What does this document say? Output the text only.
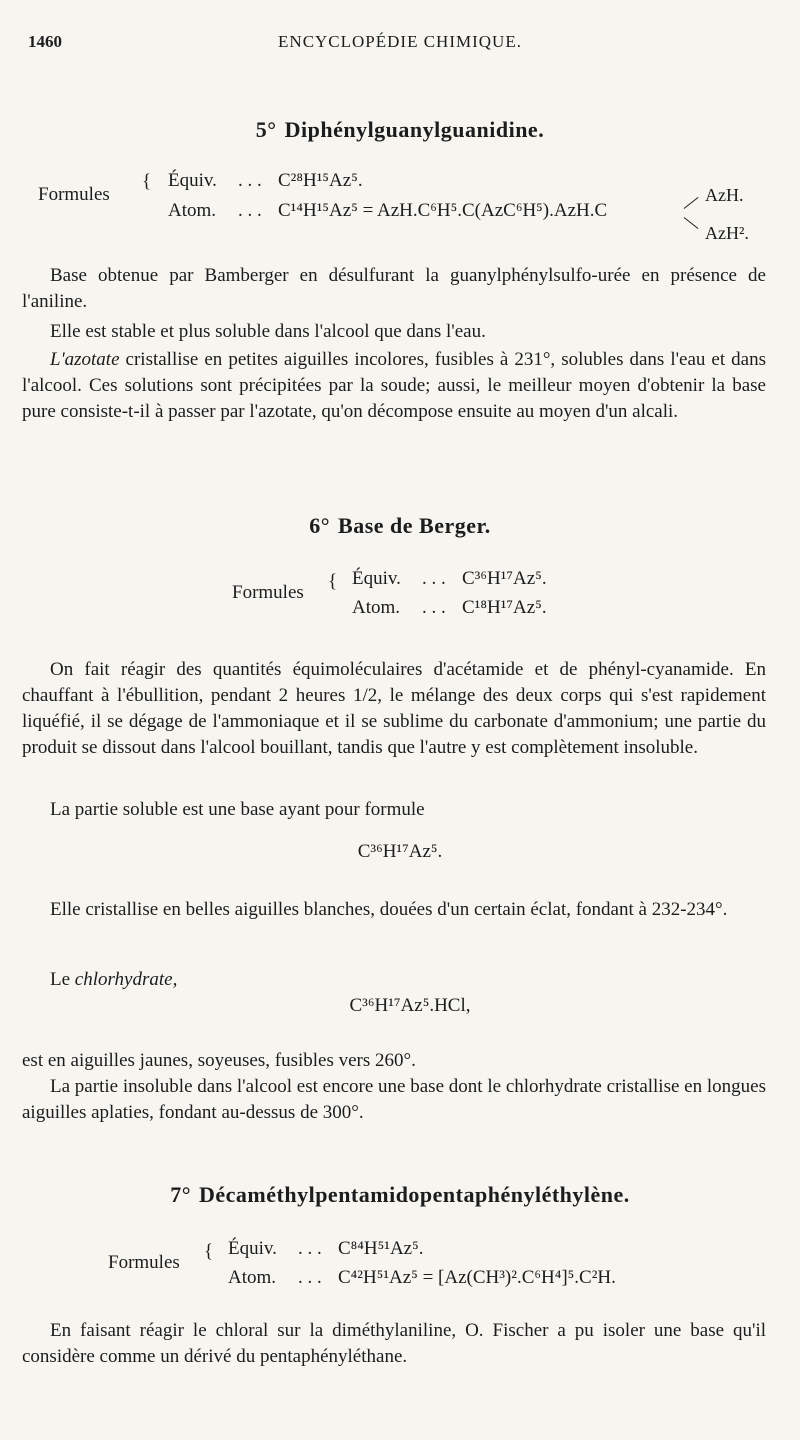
1460	ENCYCLOPÉDIE CHIMIQUE.
5° Diphénylguanylguanidine.
Formules
{ Équiv. . . . C²⁸H¹⁵Az⁵.
Atom. . . . C¹⁴H¹⁵Az⁵ = AzH.C⁶H⁵.C(AzC⁶H⁵).AzH.C
AzH.
AzH².

Base obtenue par Bamberger en désulfurant la guanylphénylsulfo-urée en présence de l'aniline.

Elle est stable et plus soluble dans l'alcool que dans l'eau.

L'azotate cristallise en petites aiguilles incolores, fusibles à 231°, solubles dans l'eau et dans l'alcool. Ces solutions sont précipitées par la soude; aussi, le meilleur moyen d'obtenir la base pure consiste-t-il à passer par l'azotate, qu'on décompose ensuite au moyen d'un alcali.

6° Base de Berger.
Formules
{ Équiv. . . . C³⁶H¹⁷Az⁵.
Atom. . . . C¹⁸H¹⁷Az⁵.

On fait réagir des quantités équimoléculaires d'acétamide et de phényl-cyanamide. En chauffant à l'ébullition, pendant 2 heures 1/2, le mélange des deux corps qui s'est rapidement liquéfié, il se dégage de l'ammoniaque et il se sublime du carbonate d'ammonium; une partie du produit se dissout dans l'alcool bouillant, tandis que l'autre y est complètement insoluble.

La partie soluble est une base ayant pour formule

C³⁶H¹⁷Az⁵.

Elle cristallise en belles aiguilles blanches, douées d'un certain éclat, fondant à 232-234°.

Le chlorhydrate,

C³⁶H¹⁷Az⁵.HCl,

est en aiguilles jaunes, soyeuses, fusibles vers 260°.

La partie insoluble dans l'alcool est encore une base dont le chlorhydrate cristallise en longues aiguilles aplaties, fondant au-dessus de 300°.

7° Décaméthylpentamidopentaphényléthylène.
Formules
{ Équiv. . . . C⁸⁴H⁵¹Az⁵.
Atom. . . . C⁴²H⁵¹Az⁵ = [Az(CH³)².C⁶H⁴]⁵.C²H.

En faisant réagir le chloral sur la diméthylaniline, O. Fischer a pu isoler une base qu'il considère comme un dérivé du pentaphényléthane.
